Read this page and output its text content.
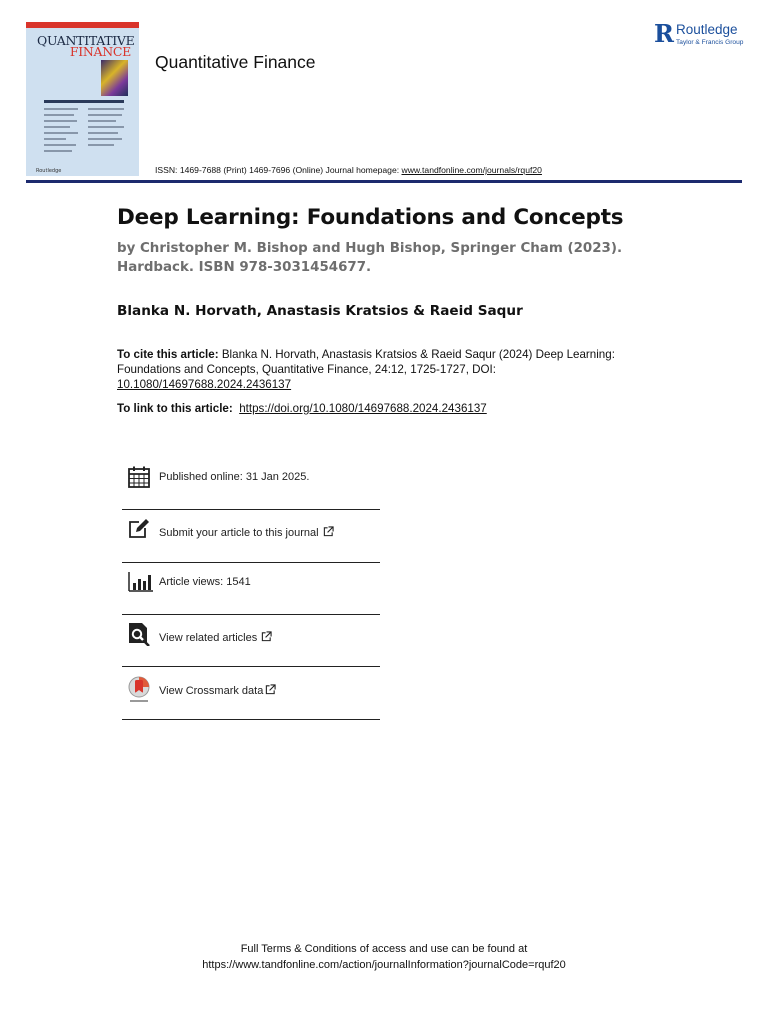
QUANTITATIVE
FINANCE
Routledge
Quantitative Finance
ISSN: 1469-7688 (Print) 1469-7696 (Online) Journal homepage: www.tandfonline.com/journals/rquf20
R Routledge
Taylor & Francis Group
Deep Learning: Foundations and Concepts
by Christopher M. Bishop and Hugh Bishop, Springer Cham (2023). Hardback. ISBN 978-3031454677.
Blanka N. Horvath, Anastasis Kratsios & Raeid Saqur
To cite this article: Blanka N. Horvath, Anastasis Kratsios & Raeid Saqur (2024) Deep Learning: Foundations and Concepts, Quantitative Finance, 24:12, 1725-1727, DOI:
10.1080/14697688.2024.2436137
To link to this article: https://doi.org/10.1080/14697688.2024.2436137
Published online: 31 Jan 2025.
Submit your article to this journal
Article views: 1541
View related articles
View Crossmark data
Full Terms & Conditions of access and use can be found at
https://www.tandfonline.com/action/journalInformation?journalCode=rquf20
